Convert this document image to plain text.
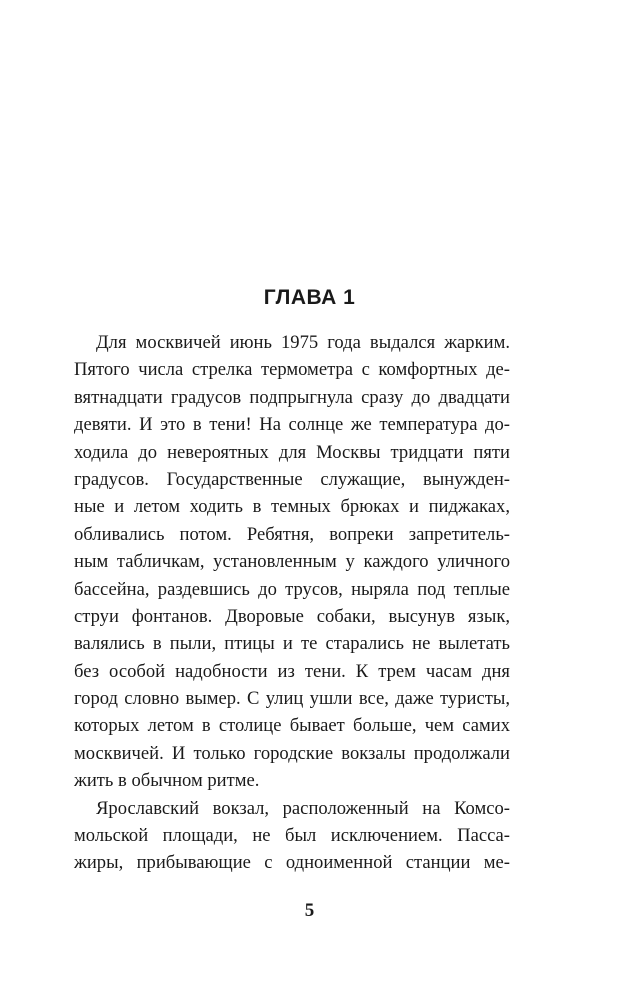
ГЛАВА 1
Для москвичей июнь 1975 года выдался жарким.
Пятого числа стрелка термометра с комфортных де-
вятнадцати градусов подпрыгнула сразу до двадцати
девяти. И это в тени! На солнце же температура до-
ходила до невероятных для Москвы тридцати пяти
градусов. Государственные служащие, вынужден-
ные и летом ходить в темных брюках и пиджаках,
обливались потом. Ребятня, вопреки запретитель-
ным табличкам, установленным у каждого уличного
бассейна, раздевшись до трусов, ныряла под теплые
струи фонтанов. Дворовые собаки, высунув язык,
валялись в пыли, птицы и те старались не вылетать
без особой надобности из тени. К трем часам дня
город словно вымер. С улиц ушли все, даже туристы,
которых летом в столице бывает больше, чем самих
москвичей. И только городские вокзалы продолжали
жить в обычном ритме.
Ярославский вокзал, расположенный на Комсо-
мольской площади, не был исключением. Пасса-
жиры, прибывающие с одноименной станции ме-
5
